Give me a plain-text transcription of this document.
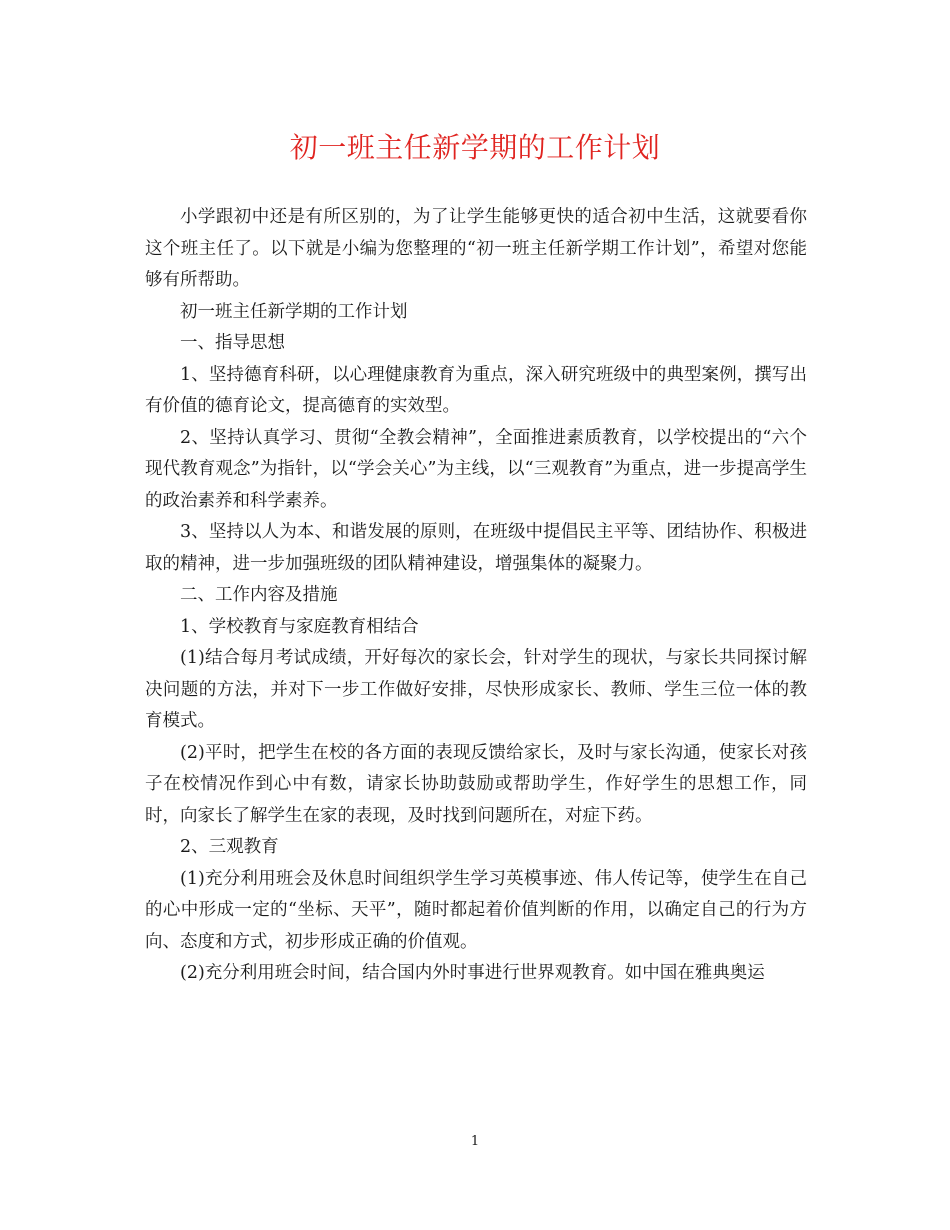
初一班主任新学期的工作计划

小学跟初中还是有所区别的，为了让学生能够更快的适合初中生活，这就要看你这个班主任了。以下就是小编为您整理的“初一班主任新学期工作计划”，希望对您能够有所帮助。

初一班主任新学期的工作计划

一、指导思想

1、坚持德育科研，以心理健康教育为重点，深入研究班级中的典型案例，撰写出有价值的德育论文，提高德育的实效型。

2、坚持认真学习、贯彻“全教会精神”，全面推进素质教育，以学校提出的“六个现代教育观念”为指针，以“学会关心”为主线，以“三观教育”为重点，进一步提高学生的政治素养和科学素养。

3、坚持以人为本、和谐发展的原则，在班级中提倡民主平等、团结协作、积极进取的精神，进一步加强班级的团队精神建设，增强集体的凝聚力。

二、工作内容及措施

1、学校教育与家庭教育相结合

(1)结合每月考试成绩，开好每次的家长会，针对学生的现状，与家长共同探讨解决问题的方法，并对下一步工作做好安排，尽快形成家长、教师、学生三位一体的教育模式。

(2)平时，把学生在校的各方面的表现反馈给家长，及时与家长沟通，使家长对孩子在校情况作到心中有数，请家长协助鼓励或帮助学生，作好学生的思想工作，同时，向家长了解学生在家的表现，及时找到问题所在，对症下药。

2、三观教育

(1)充分利用班会及休息时间组织学生学习英模事迹、伟人传记等，使学生在自己的心中形成一定的“坐标、天平”，随时都起着价值判断的作用，以确定自己的行为方向、态度和方式，初步形成正确的价值观。

(2)充分利用班会时间，结合国内外时事进行世界观教育。如中国在雅典奥运

1
